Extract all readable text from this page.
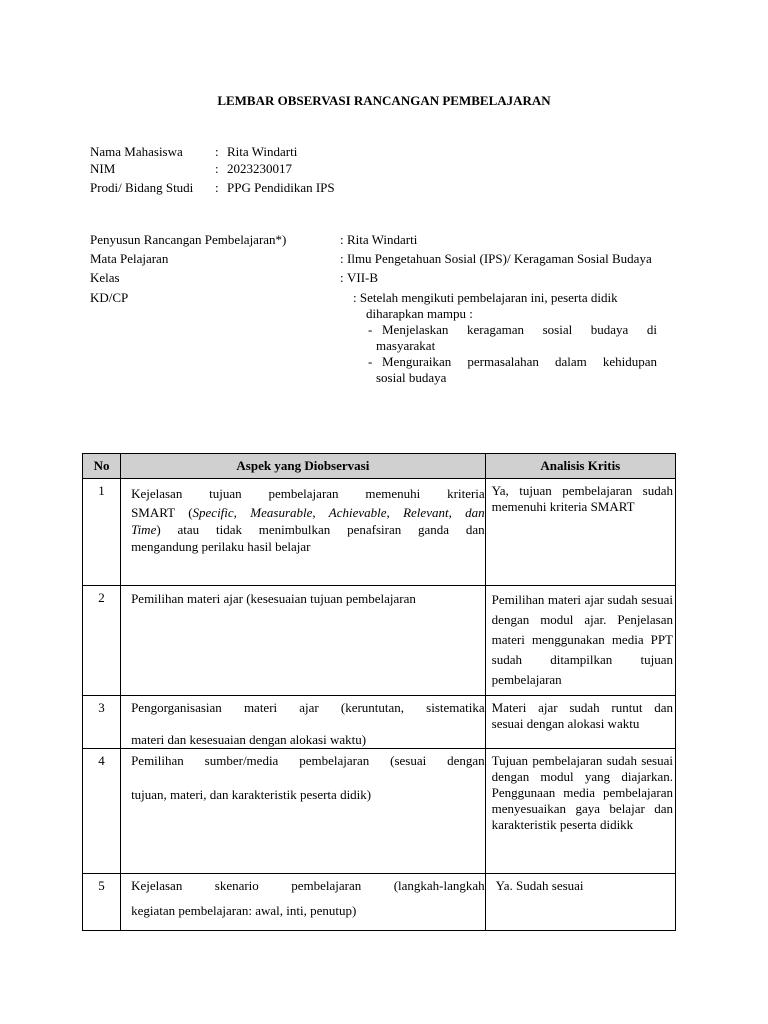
LEMBAR OBSERVASI RANCANGAN PEMBELAJARAN
Nama Mahasiswa : Rita Windarti
NIM	: 2023230017
Prodi/ Bidang Studi : PPG Pendidikan IPS
Penyusun Rancangan Pembelajaran*)	: Rita Windarti
Mata Pelajaran	: Ilmu Pengetahuan Sosial (IPS)/ Keragaman Sosial Budaya
Kelas	: VII-B
KD/CP	: Setelah mengikuti pembelajaran ini, peserta didik
diharapkan mampu :
- Menjelaskan keragaman sosial budaya di
masyarakat
- Menguraikan permasalahan dalam kehidupan
sosial budaya
No	Aspek yang Diobservasi	Analisis Kritis
1	Kejelasan tujuan pembelajaran memenuhi kriteria
SMART (Specific, Measurable, Achievable, Relevant, dan
Time) atau tidak menimbulkan penafsiran ganda dan
mengandung perilaku hasil belajar	Ya, tujuan pembelajaran sudah memenuhi kriteria SMART
2	Pemilihan materi ajar (kesesuaian tujuan pembelajaran	Pemilihan materi ajar sudah sesuai dengan modul ajar. Penjelasan materi menggunakan media PPT sudah ditampilkan tujuan pembelajaran
3	Pengorganisasian materi ajar (keruntutan, sistematika
materi dan kesesuaian dengan alokasi waktu)	Materi ajar sudah runtut dan sesuai dengan alokasi waktu
4	Pemilihan sumber/media pembelajaran (sesuai dengan
tujuan, materi, dan karakteristik peserta didik)	Tujuan pembelajaran sudah sesuai dengan modul yang diajarkan. Penggunaan media pembelajaran menyesuaikan gaya belajar dan karakteristik peserta didikk
5	Kejelasan skenario pembelajaran (langkah-langkah
kegiatan pembelajaran: awal, inti, penutup)	Ya. Sudah sesuai
